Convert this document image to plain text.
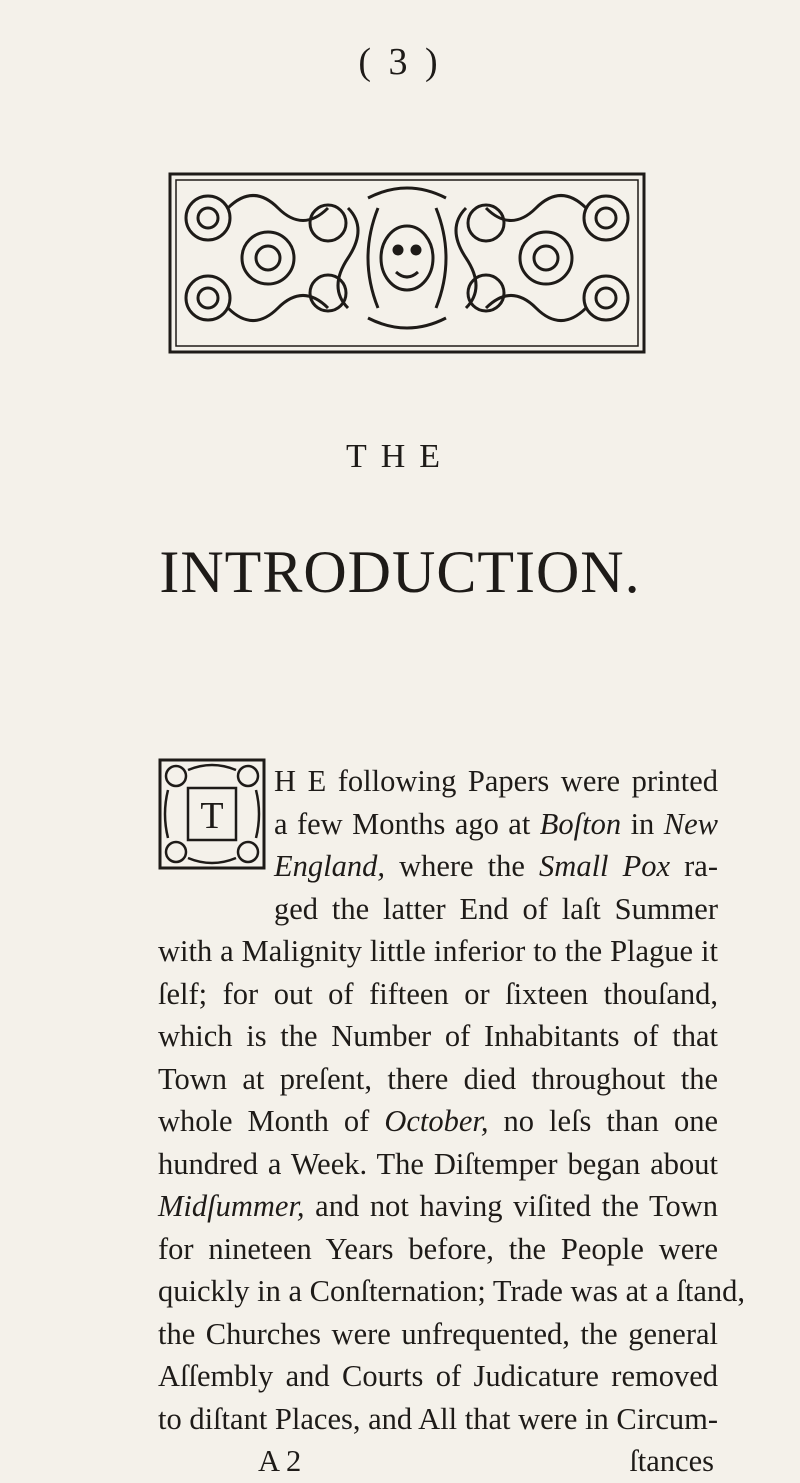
( 3 )
THE
INTRODUCTION.
T
H E following Papers were printed
a few Months ago at Boſton in New
England, where the Small Pox ra-
ged the latter End of laſt Summer
with a Malignity little inferior to the Plague it
ſelf; for out of fifteen or ſixteen thouſand,
which is the Number of Inhabitants of that
Town at preſent, there died throughout the
whole Month of October, no leſs than one
hundred a Week. The Diſtemper began about
Midſummer, and not having viſited the Town
for nineteen Years before, the People were
quickly in a Conſternation; Trade was at a ſtand,
the Churches were unfrequented, the general
Aſſembly and Courts of Judicature removed
to diſtant Places, and All that were in Circum-
A 2	ſtances
